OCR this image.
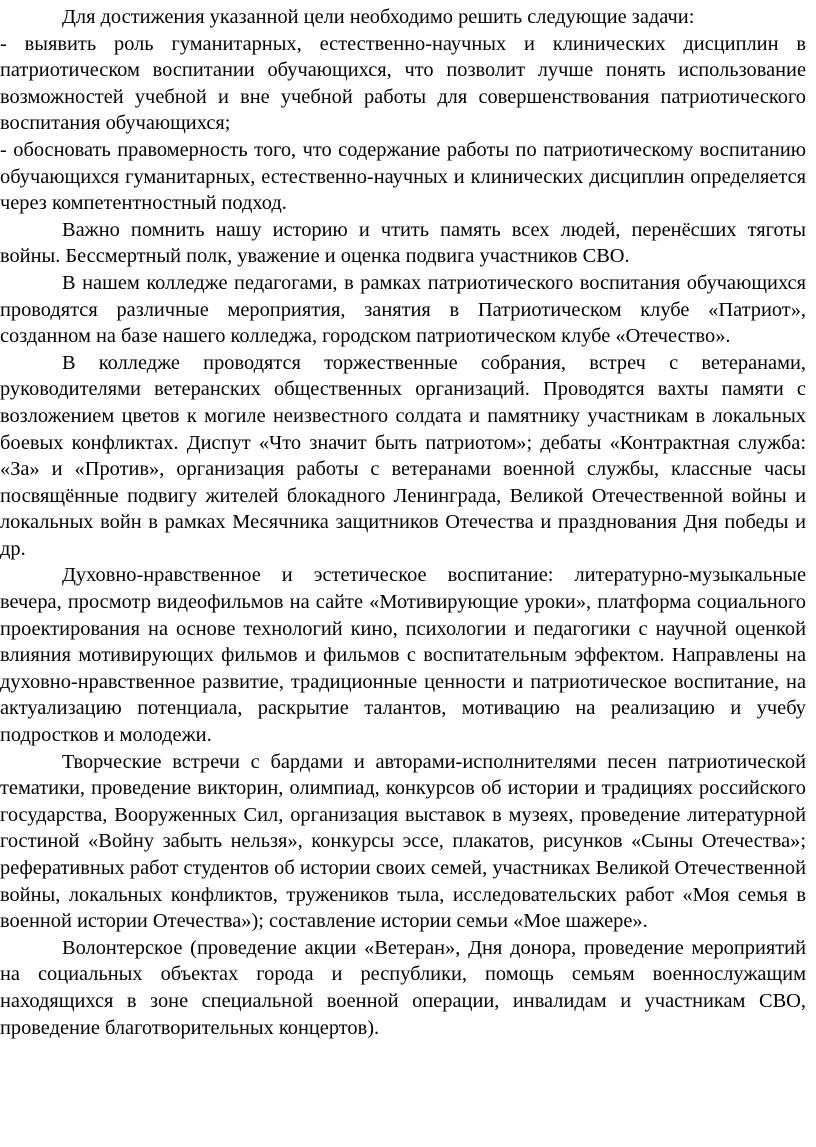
Для достижения указанной цели необходимо решить следующие задачи:

- выявить роль гуманитарных, естественно-научных и клинических дисциплин в патриотическом воспитании обучающихся, что позволит лучше понять использование возможностей учебной и вне учебной работы для совершенствования патриотического воспитания обучающихся;

- обосновать правомерность того, что содержание работы по патриотическому воспитанию обучающихся гуманитарных, естественно-научных и клинических дисциплин определяется через компетентностный подход.

Важно помнить нашу историю и чтить память всех людей, перенёсших тяготы войны. Бессмертный полк, уважение и оценка подвига участников СВО.

В нашем колледже педагогами, в рамках патриотического воспитания обучающихся проводятся различные мероприятия, занятия в Патриотическом клубе «Патриот», созданном на базе нашего колледжа, городском патриотическом клубе «Отечество».

В колледже проводятся торжественные собрания, встреч с ветеранами, руководителями ветеранских общественных организаций. Проводятся вахты памяти с возложением цветов к могиле неизвестного солдата и памятнику участникам в локальных боевых конфликтах. Диспут «Что значит быть патриотом»; дебаты «Контрактная служба: «За» и «Против», организация работы с ветеранами военной службы, классные часы посвящённые подвигу жителей блокадного Ленинграда, Великой Отечественной войны и локальных войн в рамках Месячника защитников Отечества и празднования Дня победы и др.

Духовно-нравственное и эстетическое воспитание: литературно-музыкальные вечера, просмотр видеофильмов на сайте «Мотивирующие уроки», платформа социального проектирования на основе технологий кино, психологии и педагогики с научной оценкой влияния мотивирующих фильмов и фильмов с воспитательным эффектом. Направлены на духовно-нравственное развитие, традиционные ценности и патриотическое воспитание, на актуализацию потенциала, раскрытие талантов, мотивацию на реализацию и учебу подростков и молодежи.

Творческие встречи с бардами и авторами-исполнителями песен патриотической тематики, проведение викторин, олимпиад, конкурсов об истории и традициях российского государства, Вооруженных Сил, организация выставок в музеях, проведение литературной гостиной «Войну забыть нельзя», конкурсы эссе, плакатов, рисунков «Сыны Отечества»; реферативных работ студентов об истории своих семей, участниках Великой Отечественной войны, локальных конфликтов, тружеников тыла, исследовательских работ «Моя семья в военной истории Отечества»); составление истории семьи «Мое шажере».

Волонтерское (проведение акции «Ветеран», Дня донора, проведение мероприятий на социальных объектах города и республики, помощь семьям военнослужащим находящихся в зоне специальной военной операции, инвалидам и участникам СВО, проведение благотворительных концертов).
